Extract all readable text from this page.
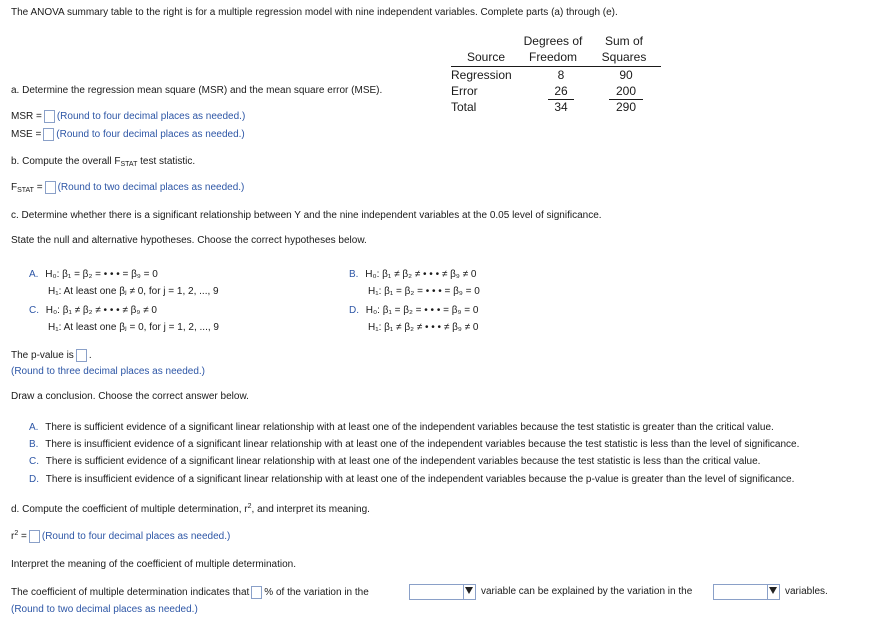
The ANOVA summary table to the right is for a multiple regression model with nine independent variables. Complete parts (a) through (e).
Degrees of	Sum of
Source	Freedom	Squares
Regression	8	90
Error	26	200
Total	34	290
a. Determine the regression mean square (MSR) and the mean square error (MSE).
MSR = (Round to four decimal places as needed.)
MSE = (Round to four decimal places as needed.)
b. Compute the overall $F_{STAT}$ test statistic.
$F_{STAT}$ = (Round to two decimal places as needed.)
c. Determine whether there is a significant relationship between Y and the nine independent variables at the 0.05 level of significance.
State the null and alternative hypotheses. Choose the correct hypotheses below.
A. H₀: β₁ = β₂ = • • • = β₉ = 0
H₁: At least one βⱼ ≠ 0, for j = 1, 2, ..., 9
B. H₀: β₁ ≠ β₂ ≠ • • • ≠ β₉ ≠ 0
H₁: β₁ = β₂ = • • • = β₉ = 0
C. H₀: β₁ ≠ β₂ ≠ • • • ≠ β₉ ≠ 0
H₁: At least one βⱼ = 0, for j = 1, 2, ..., 9
D. H₀: β₁ = β₂ = • • • = β₉ = 0
H₁: β₁ ≠ β₂ ≠ • • • ≠ β₉ ≠ 0
The p-value is .
(Round to three decimal places as needed.)
Draw a conclusion. Choose the correct answer below.
A. There is sufficient evidence of a significant linear relationship with at least one of the independent variables because the test statistic is greater than the critical value.
B. There is insufficient evidence of a significant linear relationship with at least one of the independent variables because the test statistic is less than the level of significance.
C. There is sufficient evidence of a significant linear relationship with at least one of the independent variables because the test statistic is less than the critical value.
D. There is insufficient evidence of a significant linear relationship with at least one of the independent variables because the p-value is greater than the level of significance.
d. Compute the coefficient of multiple determination, $r^2$, and interpret its meaning.
$r^2$ = (Round to four decimal places as needed.)
Interpret the meaning of the coefficient of multiple determination.
The coefficient of multiple determination indicates that % of the variation in the	variable can be explained by the variation in the	variables.
(Round to two decimal places as needed.)
